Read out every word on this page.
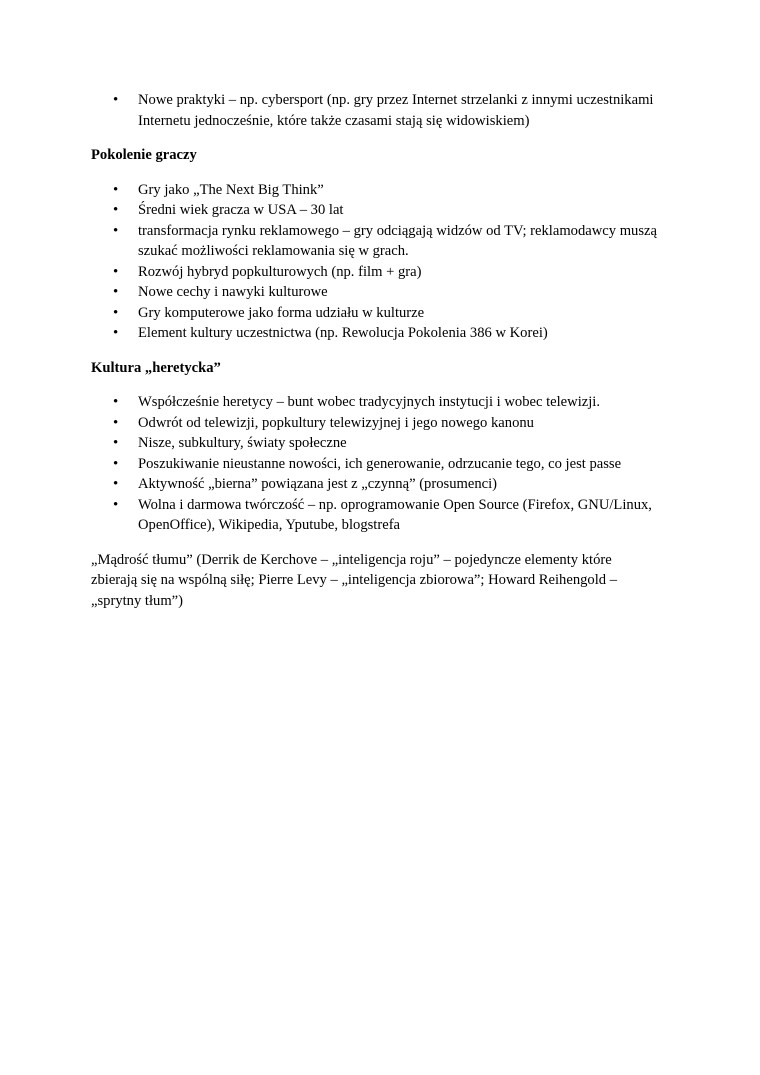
• Nowe praktyki – np. cybersport (np. gry przez Internet strzelanki z innymi uczestnikami Internetu jednocześnie, które także czasami stają się widowiskiem)
Pokolenie graczy
• Gry jako „The Next Big Think”
• Średni wiek gracza w USA – 30 lat
• transformacja rynku reklamowego – gry odciągają widzów od TV; reklamodawcy muszą szukać możliwości reklamowania się w grach.
• Rozwój hybryd popkulturowych (np. film + gra)
• Nowe cechy i nawyki kulturowe
• Gry komputerowe jako forma udziału w kulturze
• Element kultury uczestnictwa (np. Rewolucja Pokolenia 386 w Korei)
Kultura „heretycka”
• Współcześnie heretycy – bunt wobec tradycyjnych instytucji i wobec telewizji.
• Odwrót od telewizji, popkultury telewizyjnej i jego nowego kanonu
• Nisze, subkultury, światy społeczne
• Poszukiwanie nieustanne nowości, ich generowanie, odrzucanie tego, co jest passe
• Aktywność „bierna” powiązana jest z „czynną” (prosumenci)
• Wolna i darmowa twórczość – np. oprogramowanie Open Source (Firefox, GNU/Linux, OpenOffice), Wikipedia, Yputube, blogstrefa

„Mądrość tłumu” (Derrik de Kerchove – „inteligencja roju” – pojedyncze elementy które zbierają się na wspólną siłę; Pierre Levy – „inteligencja zbiorowa”; Howard Reihengold – „sprytny tłum”)
